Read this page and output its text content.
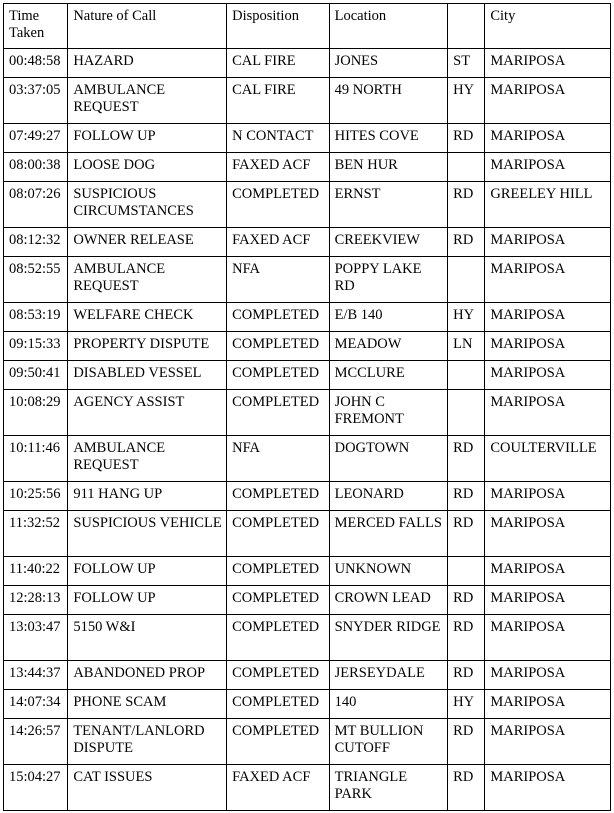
Time Taken	Nature of Call	Disposition	Location		City
00:48:58	HAZARD	CAL FIRE	JONES	ST	MARIPOSA
03:37:05	AMBULANCE REQUEST	CAL FIRE	49 NORTH	HY	MARIPOSA
07:49:27	FOLLOW UP	N CONTACT	HITES COVE	RD	MARIPOSA
08:00:38	LOOSE DOG	FAXED ACF	BEN HUR		MARIPOSA
08:07:26	SUSPICIOUS CIRCUMSTANCES	COMPLETED	ERNST	RD	GREELEY HILL
08:12:32	OWNER RELEASE	FAXED ACF	CREEKVIEW	RD	MARIPOSA
08:52:55	AMBULANCE REQUEST	NFA	POPPY LAKE RD		MARIPOSA
08:53:19	WELFARE CHECK	COMPLETED	E/B 140	HY	MARIPOSA
09:15:33	PROPERTY DISPUTE	COMPLETED	MEADOW	LN	MARIPOSA
09:50:41	DISABLED VESSEL	COMPLETED	MCCLURE		MARIPOSA
10:08:29	AGENCY ASSIST	COMPLETED	JOHN C FREMONT		MARIPOSA
10:11:46	AMBULANCE REQUEST	NFA	DOGTOWN	RD	COULTERVILLE
10:25:56	911 HANG UP	COMPLETED	LEONARD	RD	MARIPOSA
11:32:52	SUSPICIOUS VEHICLE	COMPLETED	MERCED FALLS	RD	MARIPOSA
11:40:22	FOLLOW UP	COMPLETED	UNKNOWN		MARIPOSA
12:28:13	FOLLOW UP	COMPLETED	CROWN LEAD	RD	MARIPOSA
13:03:47	5150 W&I	COMPLETED	SNYDER RIDGE	RD	MARIPOSA
13:44:37	ABANDONED PROP	COMPLETED	JERSEYDALE	RD	MARIPOSA
14:07:34	PHONE SCAM	COMPLETED	140	HY	MARIPOSA
14:26:57	TENANT/LANLORD DISPUTE	COMPLETED	MT BULLION CUTOFF	RD	MARIPOSA
15:04:27	CAT ISSUES	FAXED ACF	TRIANGLE PARK	RD	MARIPOSA
